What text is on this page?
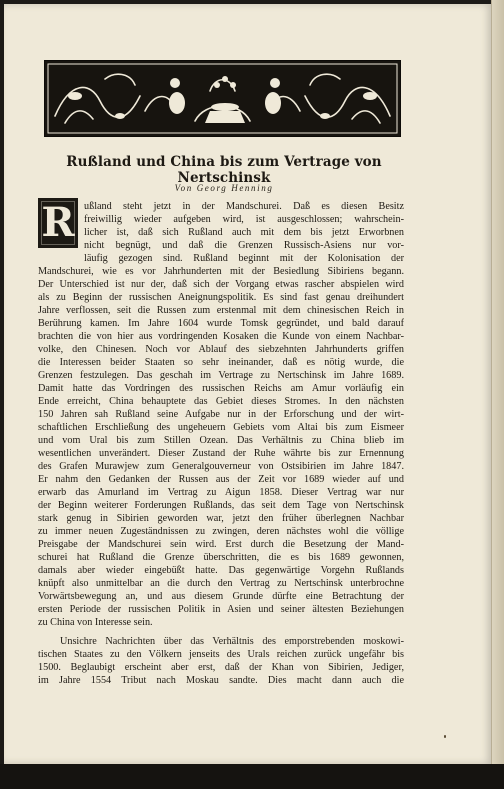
Rußland und China bis zum Vertrage von Nertschinsk
Von Georg Henning
R ußland steht jetzt in der Mandschurei. Daß es diesen Besitz
freiwillig wieder aufgeben wird, ist ausgeschlossen; wahrschein-
licher ist, daß sich Rußland auch mit dem bis jetzt Erworbnen
nicht begnügt, und daß die Grenzen Russisch-Asiens nur vor-
läufig gezogen sind. Rußland beginnt mit der Kolonisation der
Mandschurei, wie es vor Jahrhunderten mit der Besiedlung Sibiriens begann.
Der Unterschied ist nur der, daß sich der Vorgang etwas rascher abspielen wird
als zu Beginn der russischen Aneignungspolitik. Es sind fast genau dreihundert
Jahre verflossen, seit die Russen zum erstenmal mit dem chinesischen Reich in
Berührung kamen. Im Jahre 1604 wurde Tomsk gegründet, und bald darauf
brachten die von hier aus vordringenden Kosaken die Kunde von einem Nachbar-
volke, den Chinesen. Noch vor Ablauf des siebzehnten Jahrhunderts griffen
die Interessen beider Staaten so sehr ineinander, daß es nötig wurde, die
Grenzen festzulegen. Das geschah im Vertrage zu Nertschinsk im Jahre 1689.
Damit hatte das Vordringen des russischen Reichs am Amur vorläufig ein
Ende erreicht, China behauptete das Gebiet dieses Stromes. In den nächsten
150 Jahren sah Rußland seine Aufgabe nur in der Erforschung und der wirt-
schaftlichen Erschließung des ungeheuern Gebiets vom Altai bis zum Eismeer
und vom Ural bis zum Stillen Ozean. Das Verhältnis zu China blieb im
wesentlichen unverändert. Dieser Zustand der Ruhe währte bis zur Ernennung
des Grafen Murawjew zum Generalgouverneur von Ostsibirien im Jahre 1847.
Er nahm den Gedanken der Russen aus der Zeit vor 1689 wieder auf und
erwarb das Amurland im Vertrag zu Aigun 1858. Dieser Vertrag war nur
der Beginn weiterer Forderungen Rußlands, das seit dem Tage von Nertschinsk
stark genug in Sibirien geworden war, jetzt den früher überlegnen Nachbar
zu immer neuen Zugeständnissen zu zwingen, deren nächstes wohl die völlige
Preisgabe der Mandschurei sein wird. Erst durch die Besetzung der Mand-
schurei hat Rußland die Grenze überschritten, die es bis 1689 gewonnen,
damals aber wieder eingebüßt hatte. Das gegenwärtige Vorgehn Rußlands
knüpft also unmittelbar an die durch den Vertrag zu Nertschinsk unterbrochne
Vorwärtsbewegung an, und aus diesem Grunde dürfte eine Betrachtung der
ersten Periode der russischen Politik in Asien und seiner ältesten Beziehungen
zu China von Interesse sein.
Unsichre Nachrichten über das Verhältnis des emporstrebenden moskowi-
tischen Staates zu den Völkern jenseits des Urals reichen zurück ungefähr bis
1500. Beglaubigt erscheint aber erst, daß der Khan von Sibirien, Jediger,
im Jahre 1554 Tribut nach Moskau sandte. Dies macht dann auch die
